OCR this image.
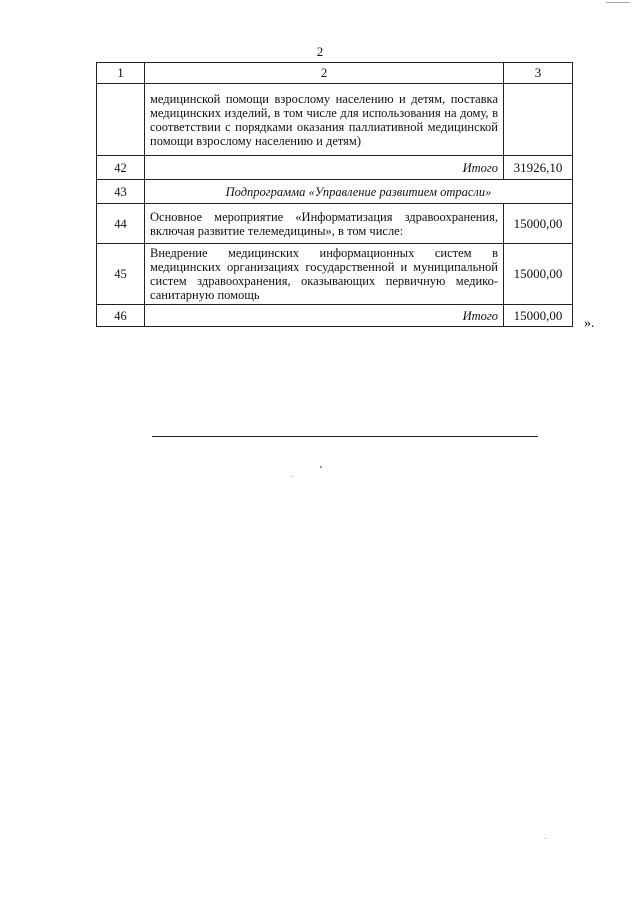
2
1	2	3
	медицинской помощи взрослому населению и детям, поставка медицинских изделий, в том числе для использования на дому, в соответствии с порядками оказания паллиативной медицинской помощи взрослому населению и детям)	
42	Итого	31926,10
43	Подпрограмма «Управление развитием отрасли»	
44	Основное мероприятие «Информатизация здравоохранения, включая развитие телемедицины», в том числе:	15000,00
45	Внедрение медицинских информационных систем в медицинских организациях государственной и муниципальной систем здравоохранения, оказывающих первичную медико-санитарную помощь	15000,00
46	Итого	15000,00
».
